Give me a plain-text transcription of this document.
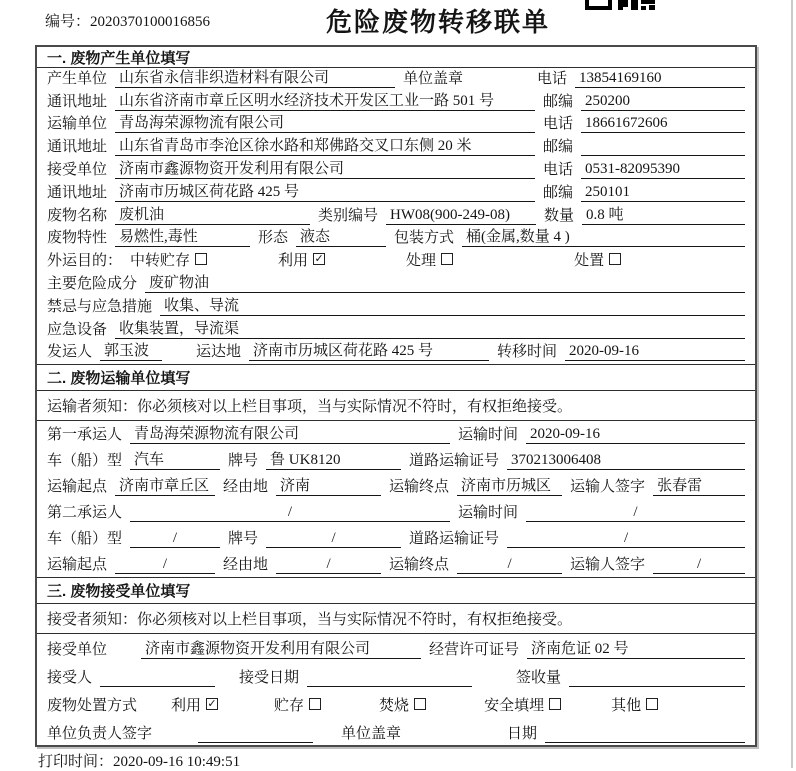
编号：2020370100016856	危险废物转移联单
一. 废物产生单位填写
产生单位 山东省永信非织造材料有限公司	单位盖章	电话 13854169160
通讯地址 山东省济南市章丘区明水经济技术开发区工业一路 501 号	邮编 250200
运输单位 青岛海荣源物流有限公司	电话 18661672606
通讯地址 山东省青岛市李沧区徐水路和郑佛路交叉口东侧 20 米	邮编
接受单位 济南市鑫源物资开发利用有限公司	电话 0531-82095390
通讯地址 济南市历城区荷花路 425 号	邮编 250101
废物名称 废机油	类别编号 HW08(900-249-08)	数量 0.8 吨
废物特性 易燃性,毒性	形态 液态	包装方式 桶(金属,数量 4 )
外运目的： 中转贮存	利用 ✓	处理	处置
主要危险成分 废矿物油
禁忌与应急措施 收集、导流
应急设备 收集装置，导流渠
发运人 郭玉波	运达地 济南市历城区荷花路 425 号	转移时间 2020-09-16
二. 废物运输单位填写
运输者须知：你必须核对以上栏目事项，当与实际情况不符时，有权拒绝接受。
第一承运人 青岛海荣源物流有限公司	运输时间 2020-09-16
车（船）型 汽车	牌号 鲁 UK8120	道路运输证号 370213006408
运输起点 济南市章丘区 经由地 济南	运输终点 济南市历城区	运输人签字 张春雷
第二承运人	/	运输时间	/
车（船）型	/	牌号	/	道路运输证号	/
运输起点	/	经由地	/	运输终点	/	运输人签字	/
三. 废物接受单位填写
接受者须知：你必须核对以上栏目事项，当与实际情况不符时，有权拒绝接受。
接受单位	济南市鑫源物资开发利用有限公司	经营许可证号 济南危证 02 号
接受人	接受日期	签收量
废物处置方式 利用 ✓	贮存	焚烧	安全填埋	其他
单位负责人签字	单位盖章	日期
打印时间：2020-09-16 10:49:51
